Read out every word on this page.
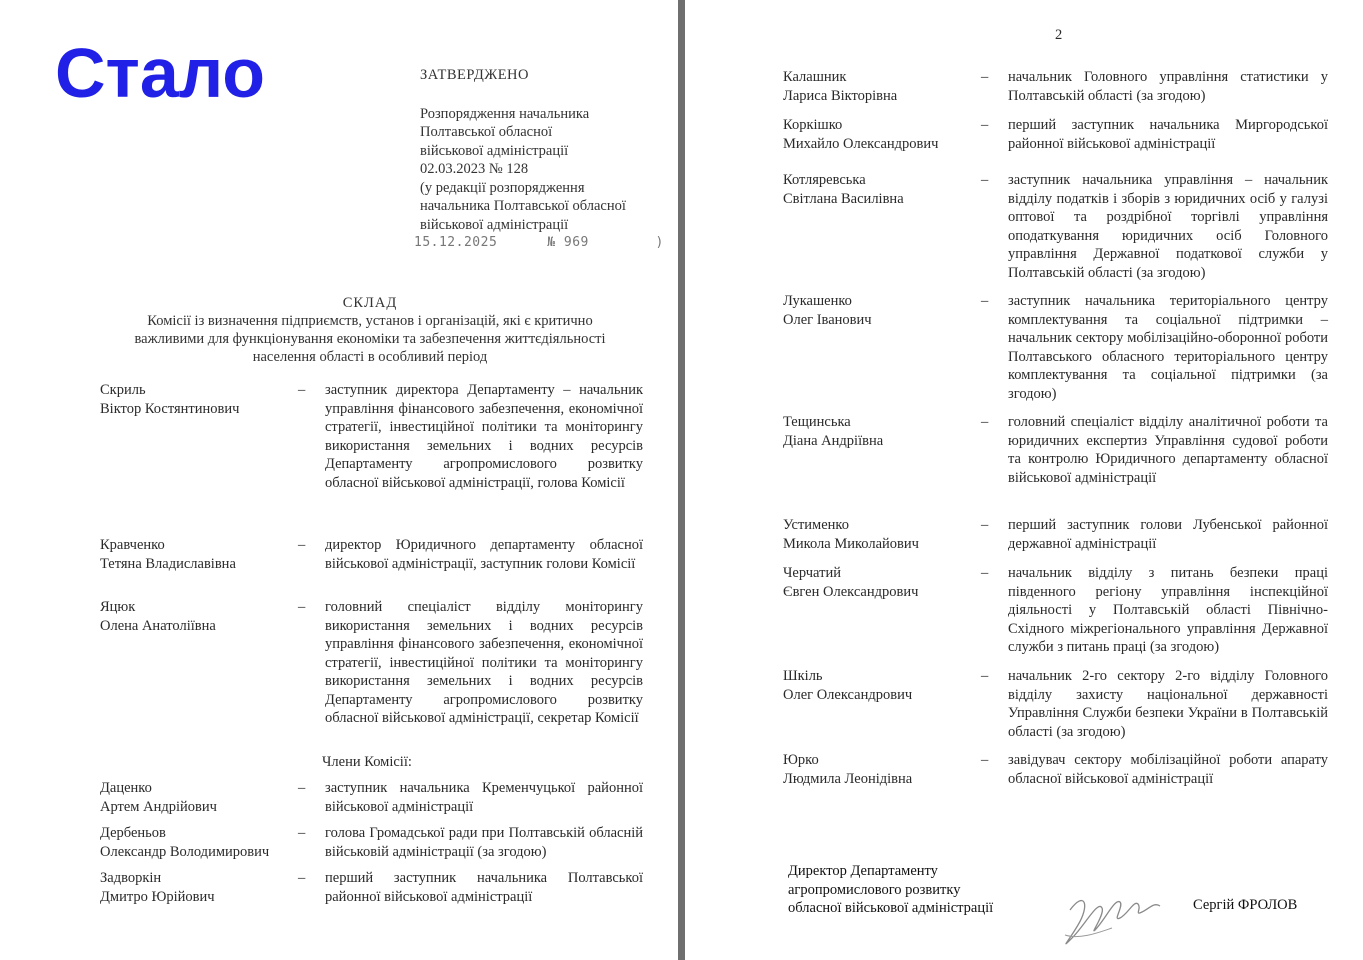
Стало	ЗАТВЕРДЖЕНО
Розпорядження начальника
Полтавської обласної
військової адміністрації
02.03.2023 № 128
(у редакції розпорядження
начальника Полтавської обласної
військової адміністрації
15.12.2025	№ 969	)
СКЛАД
Комісії із визначення підприємств, установ і організацій, які є критично
важливими для функціонування економіки та забезпечення життєдіяльності
населення області в особливий період
Скриль
Віктор Костянтинович
– заступник директора Департаменту – начальник управління фінансового забезпечення, економічної стратегії, інвестиційної політики та моніторингу використання земельних і водних ресурсів Департаменту агропромислового розвитку обласної військової адміністрації, голова Комісії
Кравченко
Тетяна Владиславівна
– директор Юридичного департаменту обласної військової адміністрації, заступник голови Комісії
Яцюк
Олена Анатоліївна
– головний спеціаліст відділу моніторингу використання земельних і водних ресурсів управління фінансового забезпечення, економічної стратегії, інвестиційної політики та моніторингу використання земельних і водних ресурсів Департаменту агропромислового розвитку обласної військової адміністрації, секретар Комісії
Члени Комісії:
Даценко
Артем Андрійович
– заступник начальника Кременчуцької районної військової адміністрації
Дербеньов
Олександр Володимирович
– голова Громадської ради при Полтавській обласній військовій адміністрації (за згодою)
Задворкін
Дмитро Юрійович
– перший заступник начальника Полтавської районної військової адміністрації
2
Калашник
Лариса Вікторівна
– начальник Головного управління статистики у Полтавській області (за згодою)
Коркішко
Михайло Олександрович
– перший заступник начальника Миргородської районної військової адміністрації
Котляревська
Світлана Василівна
– заступник начальника управління – начальник відділу податків і зборів з юридичних осіб у галузі оптової та роздрібної торгівлі управління оподаткування юридичних осіб Головного управління Державної податкової служби у Полтавській області (за згодою)
Лукашенко
Олег Іванович
– заступник начальника територіального центру комплектування та соціальної підтримки – начальник сектору мобілізаційно-оборонної роботи Полтавського обласного територіального центру комплектування та соціальної підтримки (за згодою)
Тещинська
Діана Андріївна
– головний спеціаліст відділу аналітичної роботи та юридичних експертиз Управління судової роботи та контролю Юридичного департаменту обласної військової адміністрації
Устименко
Микола Миколайович
– перший заступник голови Лубенської районної державної адміністрації
Черчатий
Євген Олександрович
– начальник відділу з питань безпеки праці південного регіону управління інспекційної діяльності у Полтавській області Північно-Східного міжрегіонального управління Державної служби з питань праці (за згодою)
Шкіль
Олег Олександрович
– начальник 2-го сектору 2-го відділу Головного відділу захисту національної державності Управління Служби безпеки України в Полтавській області (за згодою)
Юрко
Людмила Леонідівна
– завідувач сектору мобілізаційної роботи апарату обласної військової адміністрації
Директор Департаменту
агропромислового розвитку
обласної військової адміністрації	Сергій ФРОЛОВ
